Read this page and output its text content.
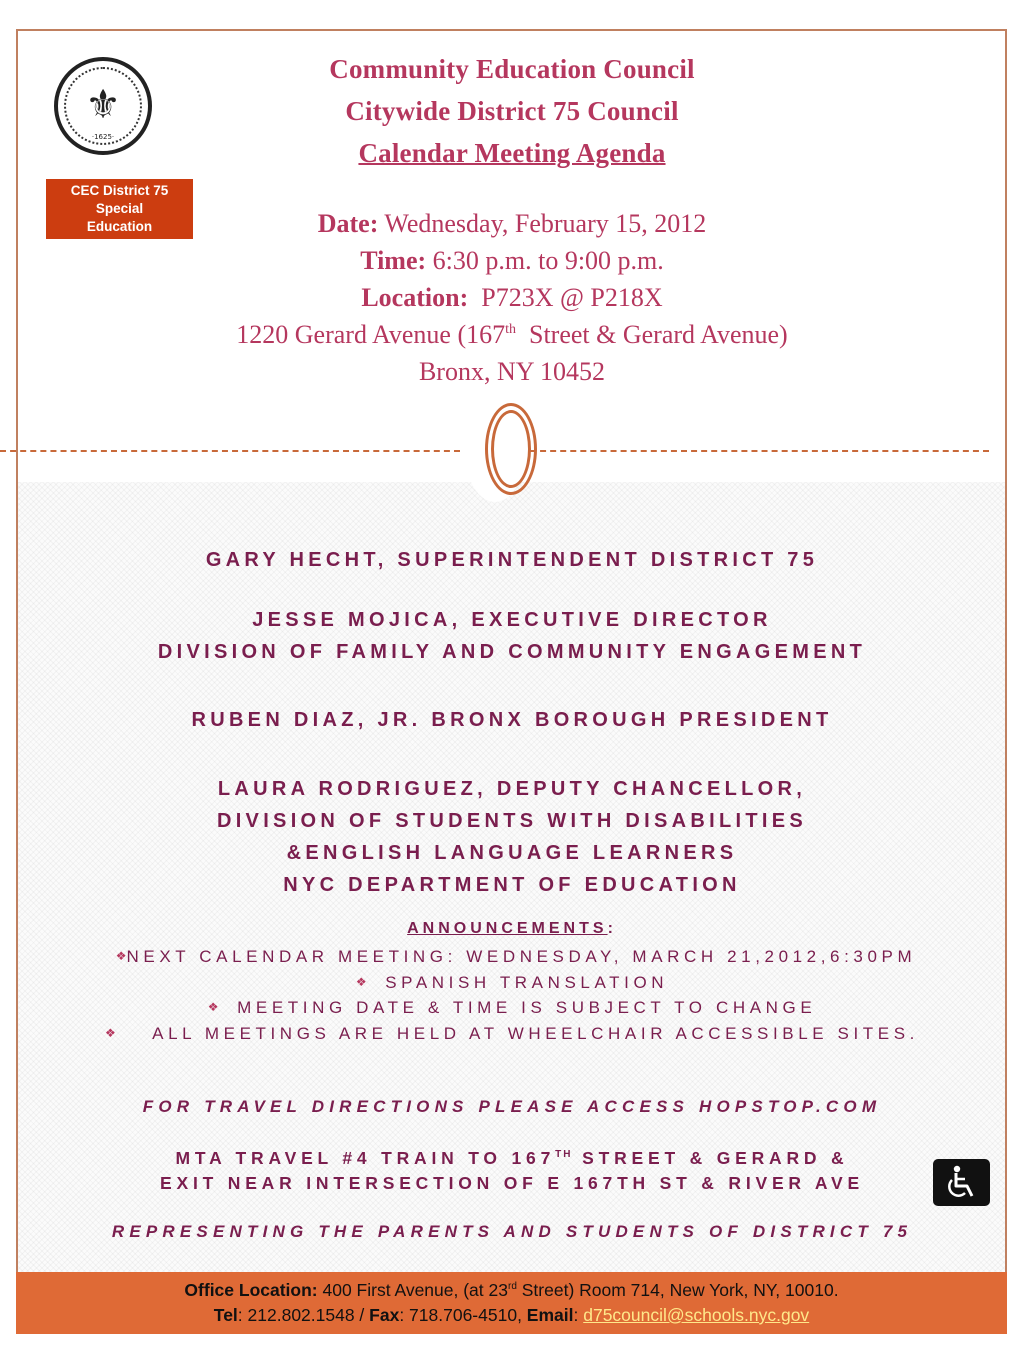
⚜
·1625·
CEC District 75
Special
Education
Community Education Council
Citywide District 75 Council
Calendar Meeting Agenda
Date: Wednesday, February 15, 2012
Time: 6:30 p.m. to 9:00 p.m.
Location: P723X @ P218X
1220 Gerard Avenue (167th  Street & Gerard Avenue)
Bronx, NY 10452
GARY HECHT, SUPERINTENDENT DISTRICT 75
JESSE MOJICA, EXECUTIVE DIRECTOR
DIVISION OF FAMILY AND COMMUNITY ENGAGEMENT
RUBEN DIAZ, JR. BRONX BOROUGH PRESIDENT
LAURA RODRIGUEZ, DEPUTY CHANCELLOR,
DIVISION OF STUDENTS WITH DISABILITIES
&ENGLISH LANGUAGE LEARNERS
NYC DEPARTMENT OF EDUCATION
ANNOUNCEMENTS:
❖NEXT CALENDAR MEETING: WEDNESDAY, MARCH 21,2012,6:30PM
❖ SPANISH TRANSLATION
❖ MEETING DATE & TIME IS SUBJECT TO CHANGE
❖ ALL MEETINGS ARE HELD AT WHEELCHAIR ACCESSIBLE SITES.
FOR TRAVEL DIRECTIONS PLEASE ACCESS HOPSTOP.COM
MTA TRAVEL #4 TRAIN TO 167TH STREET & GERARD &
EXIT NEAR INTERSECTION OF E 167TH ST & RIVER AVE
REPRESENTING THE PARENTS AND STUDENTS OF DISTRICT 75
Office Location: 400 First Avenue, (at 23rd Street) Room 714, New York, NY, 10010.
Tel: 212.802.1548 / Fax: 718.706-4510, Email: d75council@schools.nyc.gov
